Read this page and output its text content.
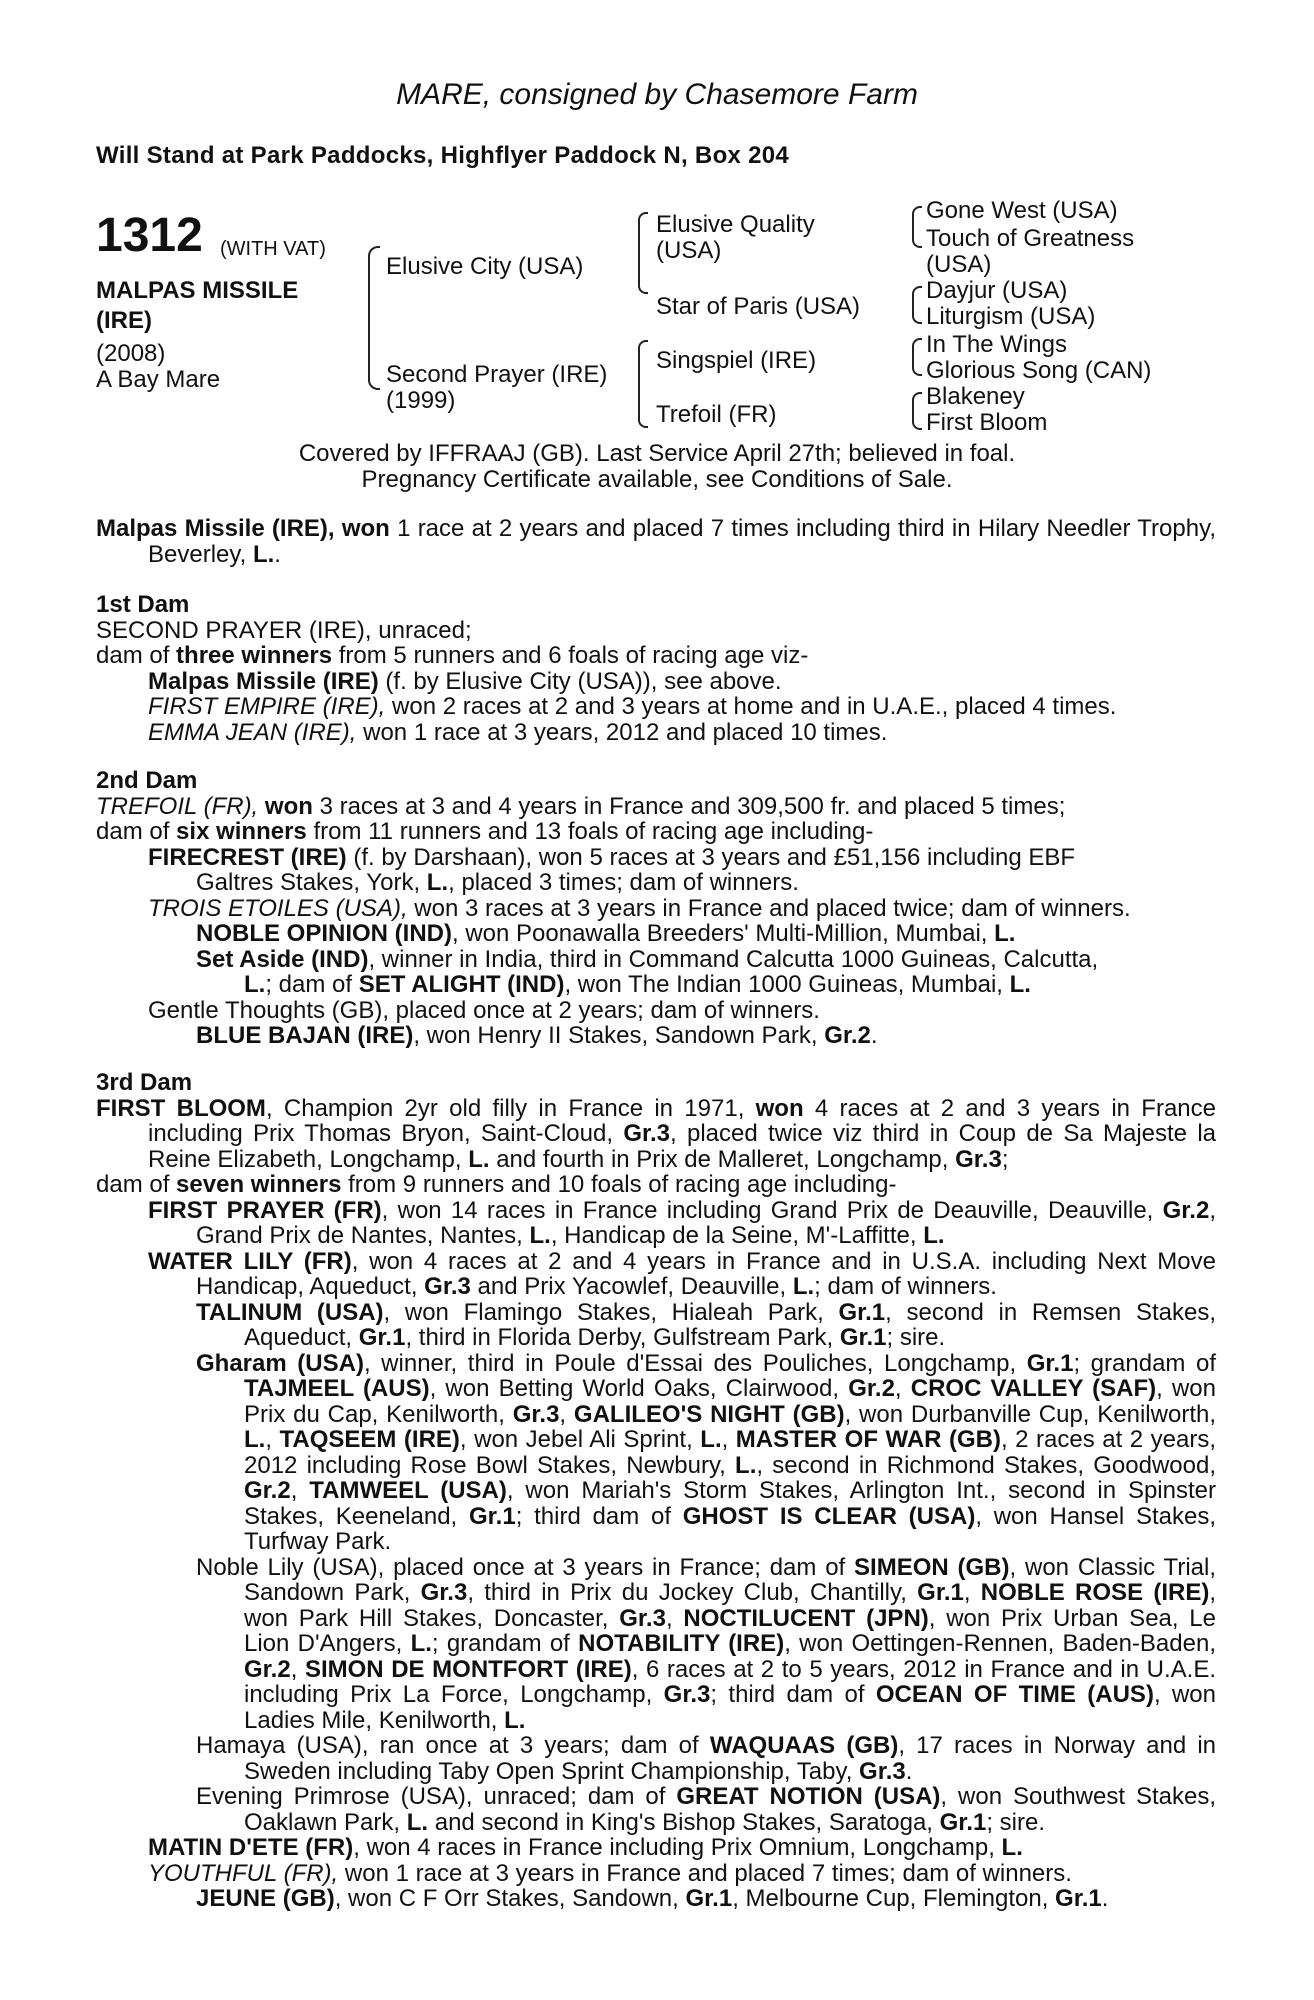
MARE, consigned by Chasemore Farm
Will Stand at Park Paddocks, Highflyer Paddock N, Box 204
1312 (WITH VAT)
MALPAS MISSILE
(IRE)
(2008)
A Bay Mare
Elusive City (USA)
Second Prayer (IRE)
(1999)
Elusive Quality
(USA)
Star of Paris (USA)
Singspiel (IRE)
Trefoil (FR)
Gone West (USA)
Touch of Greatness
(USA)
Dayjur (USA)
Liturgism (USA)
In The Wings
Glorious Song (CAN)
Blakeney
First Bloom
Covered by IFFRAAJ (GB). Last Service April 27th; believed in foal.
Pregnancy Certificate available, see Conditions of Sale.
Malpas Missile (IRE), won 1 race at 2 years and placed 7 times including third in Hilary Needler Trophy, Beverley, L..
1st Dam
SECOND PRAYER (IRE), unraced;
dam of three winners from 5 runners and 6 foals of racing age viz-
Malpas Missile (IRE) (f. by Elusive City (USA)), see above.
FIRST EMPIRE (IRE), won 2 races at 2 and 3 years at home and in U.A.E., placed 4 times.
EMMA JEAN (IRE), won 1 race at 3 years, 2012 and placed 10 times.
2nd Dam
TREFOIL (FR), won 3 races at 3 and 4 years in France and 309,500 fr. and placed 5 times;
dam of six winners from 11 runners and 13 foals of racing age including-
FIRECREST (IRE) (f. by Darshaan), won 5 races at 3 years and £51,156 including EBF
Galtres Stakes, York, L., placed 3 times; dam of winners.
TROIS ETOILES (USA), won 3 races at 3 years in France and placed twice; dam of winners.
NOBLE OPINION (IND), won Poonawalla Breeders' Multi-Million, Mumbai, L.
Set Aside (IND), winner in India, third in Command Calcutta 1000 Guineas, Calcutta,
L.; dam of SET ALIGHT (IND), won The Indian 1000 Guineas, Mumbai, L.
Gentle Thoughts (GB), placed once at 2 years; dam of winners.
BLUE BAJAN (IRE), won Henry II Stakes, Sandown Park, Gr.2.
3rd Dam
FIRST BLOOM, Champion 2yr old filly in France in 1971, won 4 races at 2 and 3 years in France including Prix Thomas Bryon, Saint-Cloud, Gr.3, placed twice viz third in Coup de Sa Majeste la Reine Elizabeth, Longchamp, L. and fourth in Prix de Malleret, Longchamp, Gr.3;
dam of seven winners from 9 runners and 10 foals of racing age including-
FIRST PRAYER (FR), won 14 races in France including Grand Prix de Deauville, Deauville, Gr.2, Grand Prix de Nantes, Nantes, L., Handicap de la Seine, M'-Laffitte, L.
WATER LILY (FR), won 4 races at 2 and 4 years in France and in U.S.A. including Next Move Handicap, Aqueduct, Gr.3 and Prix Yacowlef, Deauville, L.; dam of winners.
TALINUM (USA), won Flamingo Stakes, Hialeah Park, Gr.1, second in Remsen Stakes, Aqueduct, Gr.1, third in Florida Derby, Gulfstream Park, Gr.1; sire.
Gharam (USA), winner, third in Poule d'Essai des Pouliches, Longchamp, Gr.1; grandam of TAJMEEL (AUS), won Betting World Oaks, Clairwood, Gr.2, CROC VALLEY (SAF), won Prix du Cap, Kenilworth, Gr.3, GALILEO'S NIGHT (GB), won Durbanville Cup, Kenilworth, L., TAQSEEM (IRE), won Jebel Ali Sprint, L., MASTER OF WAR (GB), 2 races at 2 years, 2012 including Rose Bowl Stakes, Newbury, L., second in Richmond Stakes, Goodwood, Gr.2, TAMWEEL (USA), won Mariah's Storm Stakes, Arlington Int., second in Spinster Stakes, Keeneland, Gr.1; third dam of GHOST IS CLEAR (USA), won Hansel Stakes, Turfway Park.
Noble Lily (USA), placed once at 3 years in France; dam of SIMEON (GB), won Classic Trial, Sandown Park, Gr.3, third in Prix du Jockey Club, Chantilly, Gr.1, NOBLE ROSE (IRE), won Park Hill Stakes, Doncaster, Gr.3, NOCTILUCENT (JPN), won Prix Urban Sea, Le Lion D'Angers, L.; grandam of NOTABILITY (IRE), won Oettingen-Rennen, Baden-Baden, Gr.2, SIMON DE MONTFORT (IRE), 6 races at 2 to 5 years, 2012 in France and in U.A.E. including Prix La Force, Longchamp, Gr.3; third dam of OCEAN OF TIME (AUS), won Ladies Mile, Kenilworth, L.
Hamaya (USA), ran once at 3 years; dam of WAQUAAS (GB), 17 races in Norway and in Sweden including Taby Open Sprint Championship, Taby, Gr.3.
Evening Primrose (USA), unraced; dam of GREAT NOTION (USA), won Southwest Stakes, Oaklawn Park, L. and second in King's Bishop Stakes, Saratoga, Gr.1; sire.
MATIN D'ETE (FR), won 4 races in France including Prix Omnium, Longchamp, L.
YOUTHFUL (FR), won 1 race at 3 years in France and placed 7 times; dam of winners.
JEUNE (GB), won C F Orr Stakes, Sandown, Gr.1, Melbourne Cup, Flemington, Gr.1.
